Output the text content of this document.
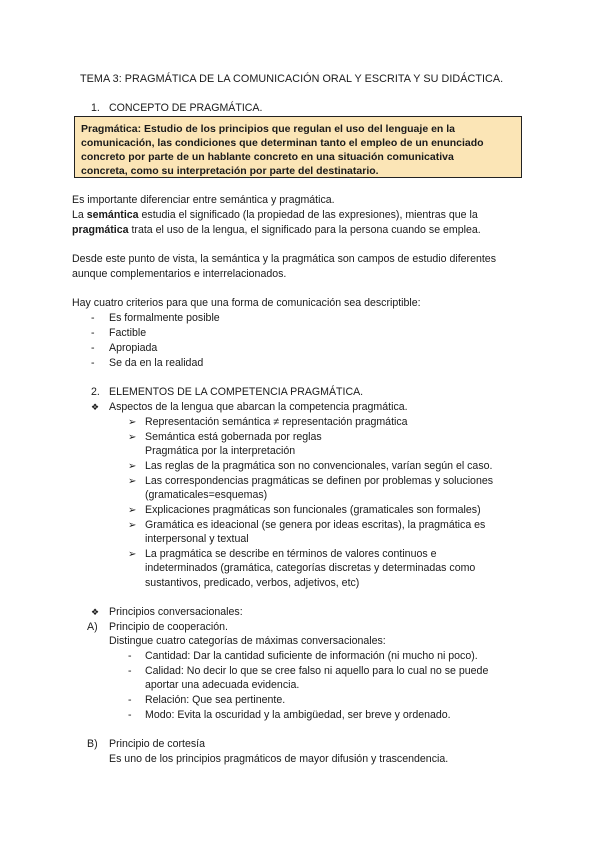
TEMA 3: PRAGMÁTICA DE LA COMUNICACIÓN ORAL Y ESCRITA Y SU DIDÁCTICA.
1. CONCEPTO DE PRAGMÁTICA.
Pragmática: Estudio de los principios que regulan el uso del lenguaje en la
comunicación, las condiciones que determinan tanto el empleo de un enunciado
concreto por parte de un hablante concreto en una situación comunicativa
concreta, como su interpretación por parte del destinatario.
Es importante diferenciar entre semántica y pragmática.
La semántica estudia el significado (la propiedad de las expresiones), mientras que la
pragmática trata el uso de la lengua, el significado para la persona cuando se emplea.
Desde este punto de vista, la semántica y la pragmática son campos de estudio diferentes
aunque complementarios e interrelacionados.
Hay cuatro criterios para que una forma de comunicación sea descriptible:
- Es formalmente posible
- Factible
- Apropiada
- Se da en la realidad
2. ELEMENTOS DE LA COMPETENCIA PRAGMÁTICA.
❖ Aspectos de la lengua que abarcan la competencia pragmática.
➢ Representación semántica ≠ representación pragmática
➢ Semántica está gobernada por reglas
Pragmática por la interpretación
➢ Las reglas de la pragmática son no convencionales, varían según el caso.
➢ Las correspondencias pragmáticas se definen por problemas y soluciones
(gramaticales=esquemas)
➢ Explicaciones pragmáticas son funcionales (gramaticales son formales)
➢ Gramática es ideacional (se genera por ideas escritas), la pragmática es
interpersonal y textual
➢ La pragmática se describe en términos de valores continuos e
indeterminados (gramática, categorías discretas y determinadas como
sustantivos, predicado, verbos, adjetivos, etc)
❖ Principios conversacionales:
A) Principio de cooperación.
Distingue cuatro categorías de máximas conversacionales:
- Cantidad: Dar la cantidad suficiente de información (ni mucho ni poco).
- Calidad: No decir lo que se cree falso ni aquello para lo cual no se puede
aportar una adecuada evidencia.
- Relación: Que sea pertinente.
- Modo: Evita la oscuridad y la ambigüedad, ser breve y ordenado.
B) Principio de cortesía
Es uno de los principios pragmáticos de mayor difusión y trascendencia.
